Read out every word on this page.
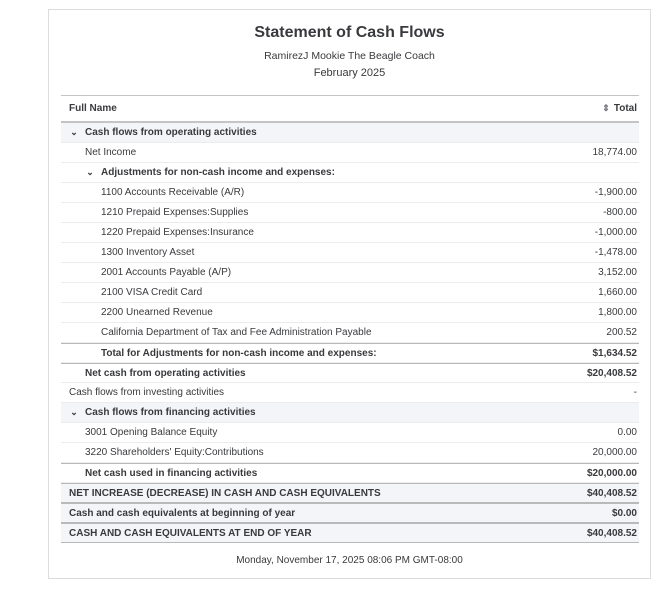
Statement of Cash Flows
RamirezJ Mookie The Beagle Coach
February 2025
Full Name	⇕ Total
⌄ Cash flows from operating activities
Net Income	18,774.00
⌄ Adjustments for non-cash income and expenses:
1100 Accounts Receivable (A/R)	-1,900.00
1210 Prepaid Expenses:Supplies	-800.00
1220 Prepaid Expenses:Insurance	-1,000.00
1300 Inventory Asset	-1,478.00
2001 Accounts Payable (A/P)	3,152.00
2100 VISA Credit Card	1,660.00
2200 Unearned Revenue	1,800.00
California Department of Tax and Fee Administration Payable	200.52
Total for Adjustments for non-cash income and expenses:	$1,634.52
Net cash from operating activities	$20,408.52
Cash flows from investing activities	-
⌄ Cash flows from financing activities
3001 Opening Balance Equity	0.00
3220 Shareholders' Equity:Contributions	20,000.00
Net cash used in financing activities	$20,000.00
NET INCREASE (DECREASE) IN CASH AND CASH EQUIVALENTS	$40,408.52
Cash and cash equivalents at beginning of year	$0.00
CASH AND CASH EQUIVALENTS AT END OF YEAR	$40,408.52
Monday, November 17, 2025 08:06 PM GMT-08:00
